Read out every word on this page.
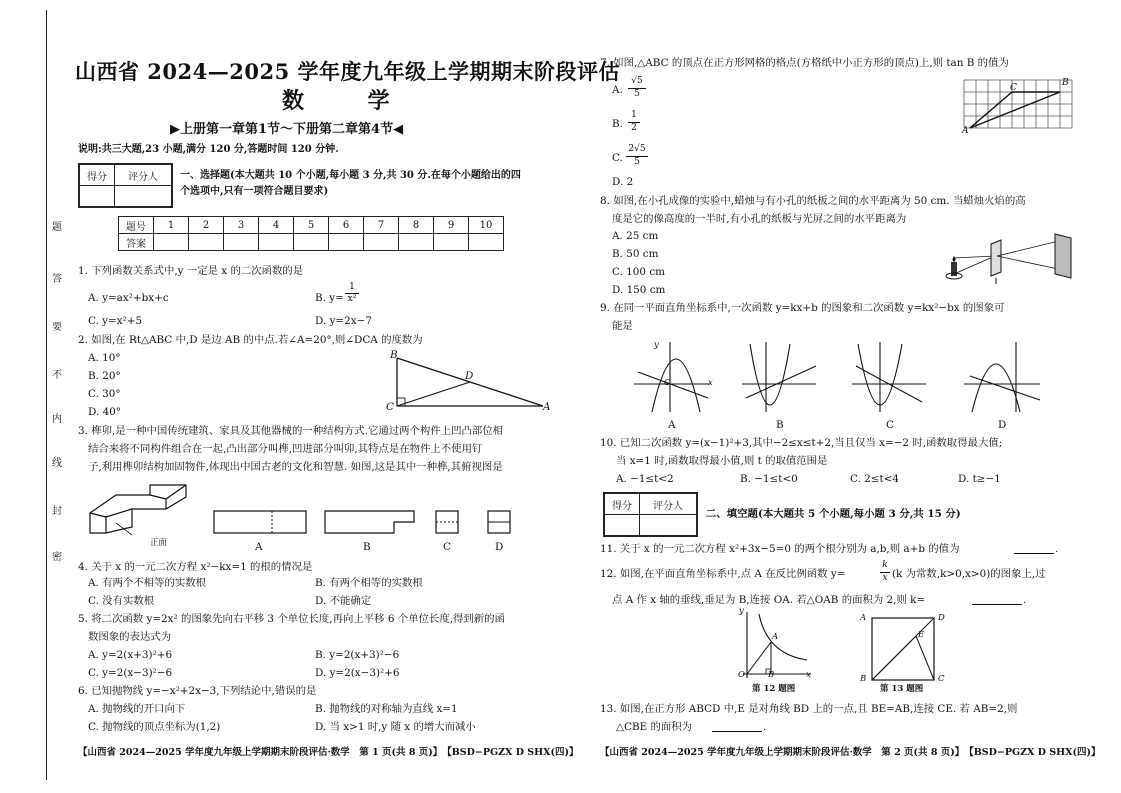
题
答
要
不
内
线
封
密
山西省 2024—2025 学年度九年级上学期期末阶段评估
数 学
▶上册第一章第1节～下册第二章第4节◀
说明:共三大题,23 小题,满分 120 分,答题时间 120 分钟.
得分	评分人
	一、选择题(本大题共 10 个小题,每小题 3 分,共 30 分.在每个小题给出的四
个选项中,只有一项符合题目要求)
题号	1	2	3	4	5	6	7	8	9	10
答案										
1. 下列函数关系式中,y 一定是 x 的二次函数的是
A. y=ax²+bx+c	B. y=
1
x²
C. y=x²+5	D. y=2x−7
2. 如图,在 Rt△ABC 中,D 是边 AB 的中点.若∠A=20°,则∠DCA 的度数为
A. 10°
B. 20°
C. 30°
D. 40°
B
C
D
A
3. 榫卯,是一种中国传统建筑、家具及其他器械的一种结构方式.它通过两个构件上凹凸部位相
结合来将不同构件组合在一起,凸出部分叫榫,凹进部分叫卯,其特点是在物件上不使用钉
子,利用榫卯结构加固物件,体现出中国古老的文化和智慧. 如图,这是其中一种榫,其俯视图是
正面	A	B	C	D
4. 关于 x 的一元二次方程 x²−kx=1 的根的情况是
A. 有两个不相等的实数根	B. 有两个相等的实数根
C. 没有实数根	D. 不能确定
5. 将二次函数 y=2x² 的图象先向右平移 3 个单位长度,再向上平移 6 个单位长度,得到新的函
数图象的表达式为
A. y=2(x+3)²+6	B. y=2(x+3)²−6
C. y=2(x−3)²−6	D. y=2(x−3)²+6
6. 已知抛物线 y=−x²+2x−3,下列结论中,错误的是
A. 抛物线的开口向下	B. 抛物线的对称轴为直线 x=1
C. 抛物线的顶点坐标为(1,2)	D. 当 x>1 时,y 随 x 的增大而减小
【山西省 2024—2025 学年度九年级上学期期末阶段评估·数学　第 1 页(共 8 页)】　【BSD−PGZX D SHX(四)】
7. 如图,△ABC 的顶点在正方形网格的格点(方格纸中小正方形的顶点)上,则 tan B 的值为
A.
√5
5
B.
1
2
C.
2√5
5
D. 2
A
B
C
8. 如图,在小孔成像的实验中,蜡烛与有小孔的纸板之间的水平距离为 50 cm. 当蜡烛火焰的高
度是它的像高度的一半时,有小孔的纸板与光屏之间的水平距离为
A. 25 cm
B. 50 cm
C. 100 cm
D. 150 cm
9. 在同一平面直角坐标系中,一次函数 y=kx+b 的图象和二次函数 y=kx²−bx 的图象可
能是
A	B	C	D
O	x
y
10. 已知二次函数 y=(x−1)²+3,其中−2≤x≤t+2,当且仅当 x=−2 时,函数取得最大值;
当 x=1 时,函数取得最小值,则 t 的取值范围是
A. −1≤t<2	B. −1≤t<0	C. 2≤t<4	D. t≥−1
得分	评分人

二、填空题(本大题共 5 个小题,每小题 3 分,共 15 分)
11. 关于 x 的一元二次方程 x²+3x−5=0 的两个根分别为 a,b,则 a+b 的值为	.
12. 如图,在平面直角坐标系中,点 A 在反比例函数 y=
k
x (k 为常数,k>0,x>0)的图象上,过
点 A 作 x 轴的垂线,垂足为 B,连接 OA. 若△OAB 的面积为 2,则 k=	.
y
x
O
A
B
第 12 题图
A	D
E
B	C
第 13 题图
13. 如图,在正方形 ABCD 中,E 是对角线 BD 上的一点,且 BE=AB,连接 CE. 若 AB=2,则
△CBE 的面积为	.
【山西省 2024—2025 学年度九年级上学期期末阶段评估·数学　第 2 页(共 8 页)】　【BSD−PGZX D SHX(四)】
